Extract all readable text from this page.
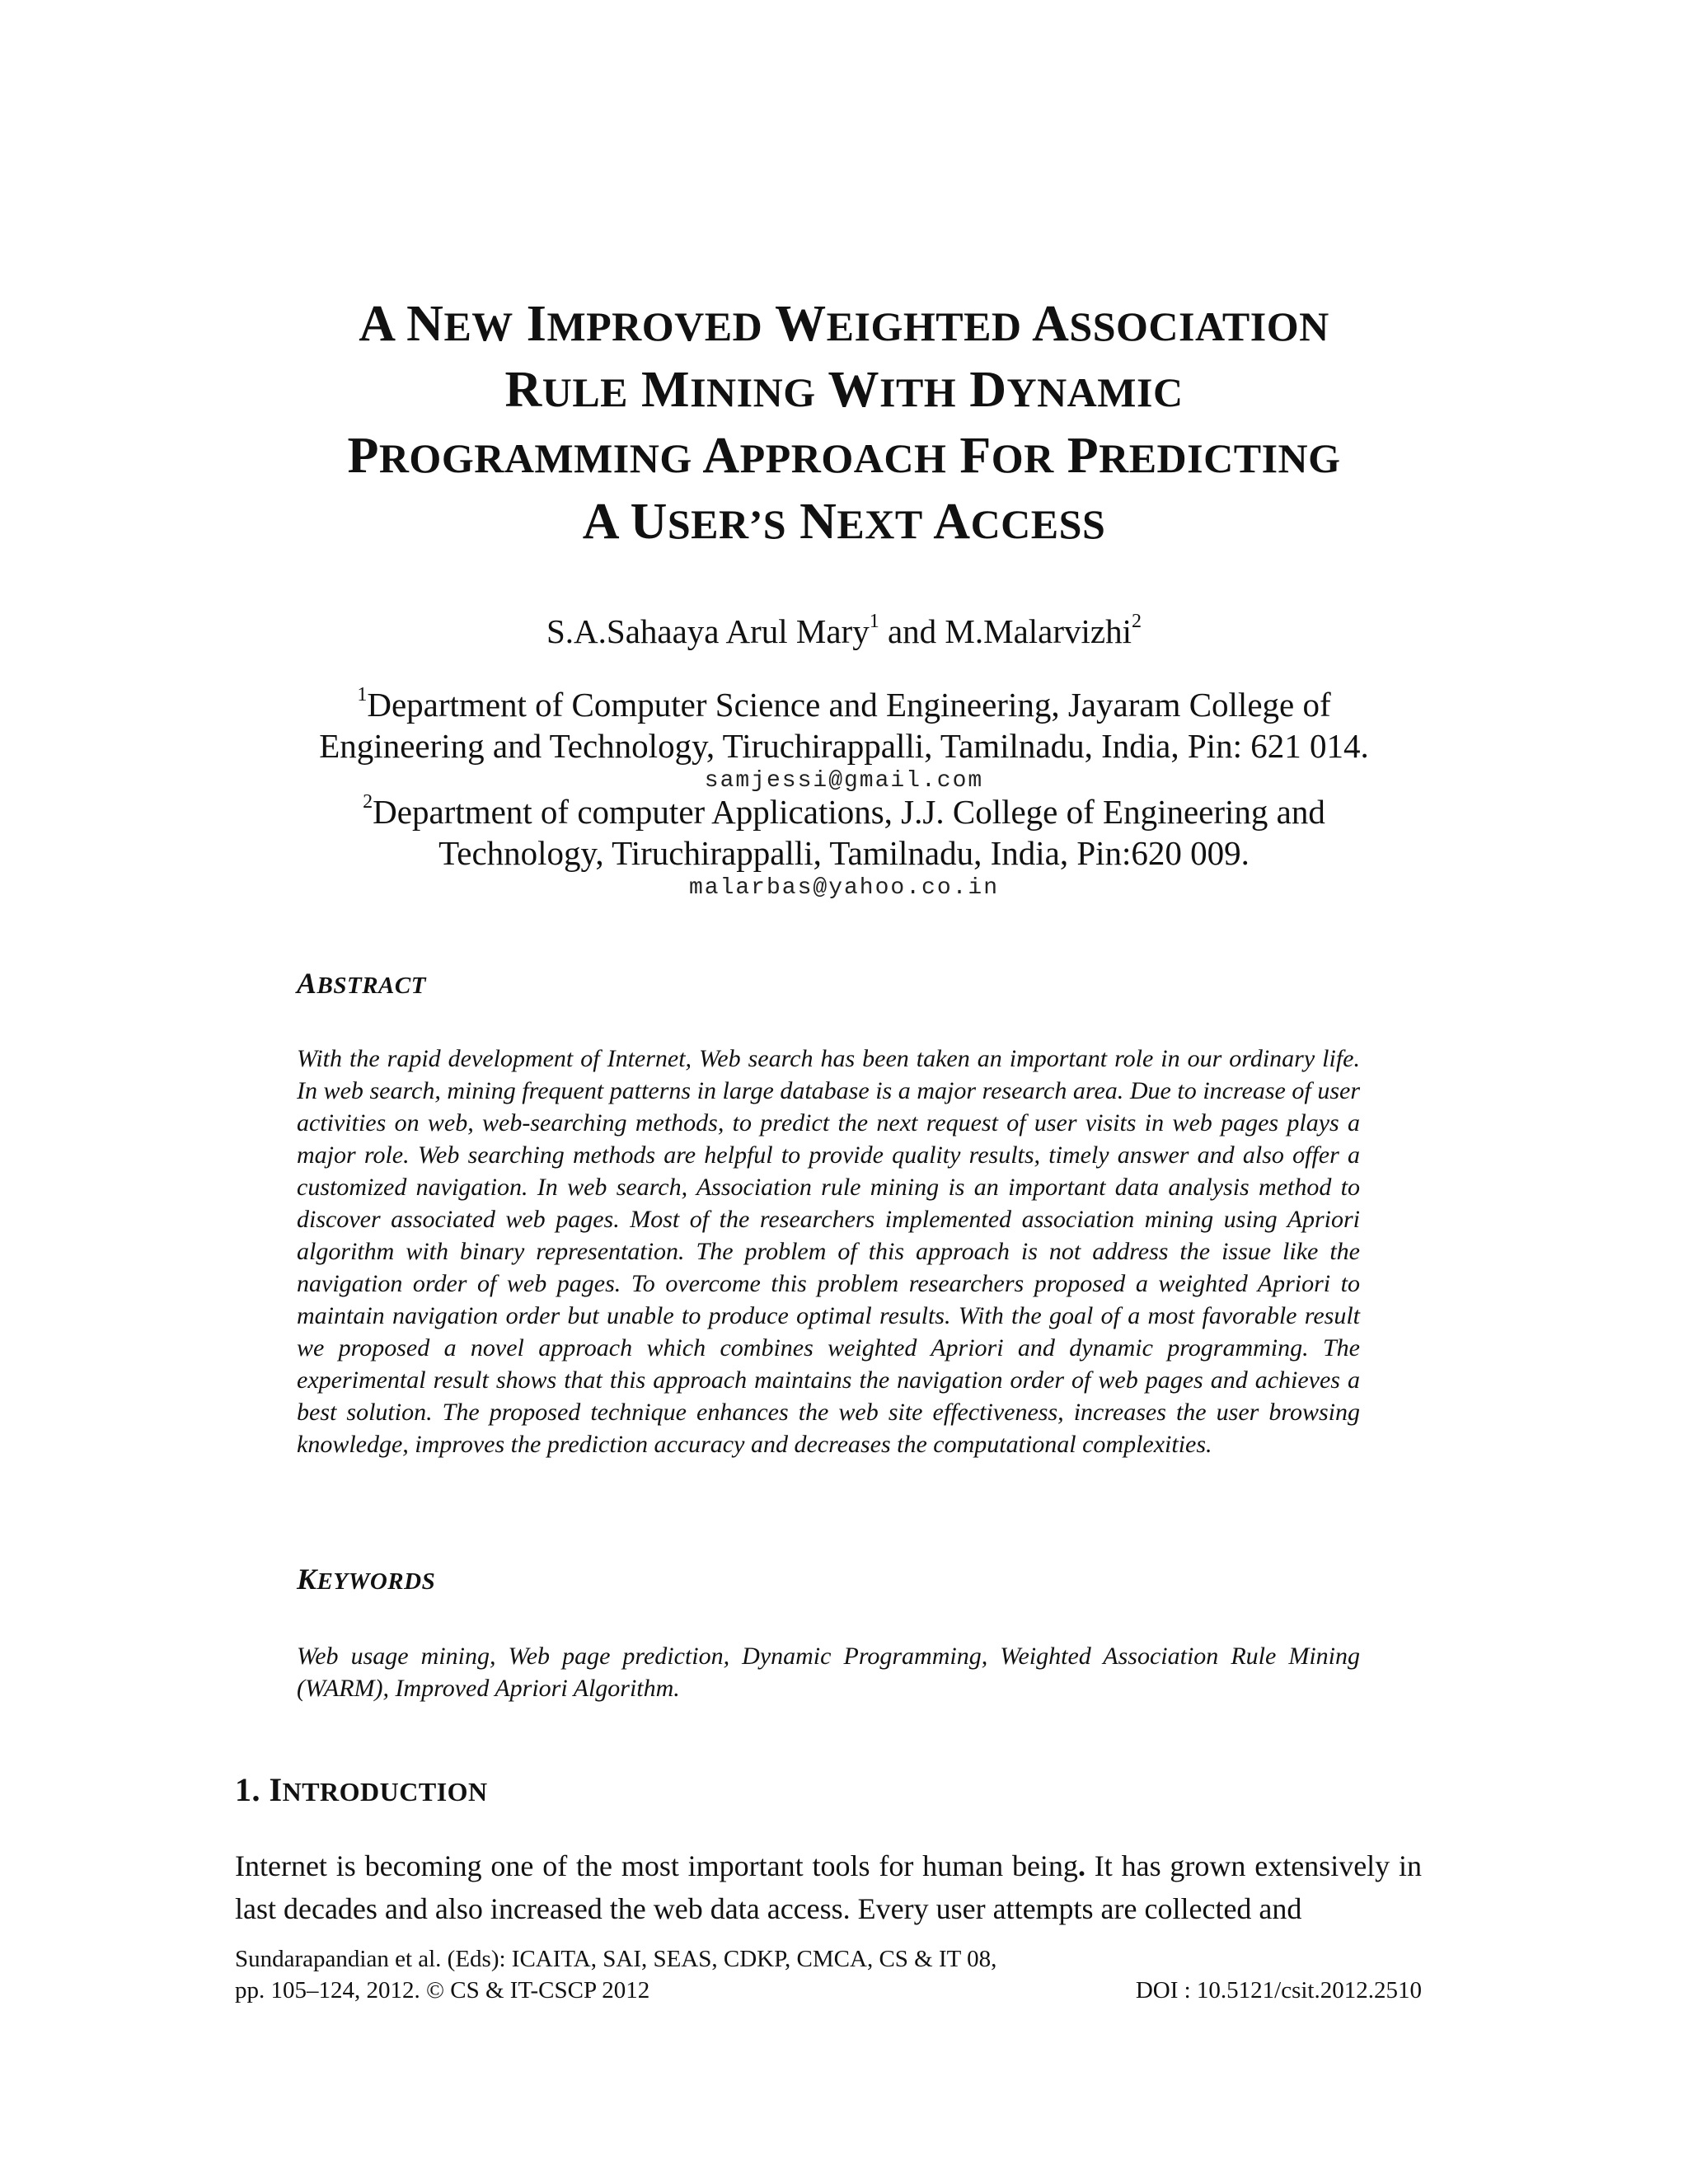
A NEW IMPROVED WEIGHTED ASSOCIATION
RULE MINING WITH DYNAMIC
PROGRAMMING APPROACH FOR PREDICTING
A USER’S NEXT ACCESS
S.A.Sahaaya Arul Mary$^1$ and M.Malarvizhi$^2$
$^1$Department of Computer Science and Engineering, Jayaram College of
Engineering and Technology, Tiruchirappalli, Tamilnadu, India, Pin: 621 014.
samjessi@gmail.com
$^2$Department of computer Applications, J.J. College of Engineering and
Technology, Tiruchirappalli, Tamilnadu, India, Pin:620 009.
malarbas@yahoo.co.in
ABSTRACT
With the rapid development of Internet, Web search has been taken an important role in our ordinary life. In web search, mining frequent patterns in large database is a major research area. Due to increase of user activities on web, web-searching methods, to predict the next request of user visits in web pages plays a major role. Web searching methods are helpful to provide quality results, timely answer and also offer a customized navigation. In web search, Association rule mining is an important data analysis method to discover associated web pages. Most of the researchers implemented association mining using Apriori algorithm with binary representation. The problem of this approach is not address the issue like the navigation order of web pages. To overcome this problem researchers proposed a weighted Apriori to maintain navigation order but unable to produce optimal results. With the goal of a most favorable result we proposed a novel approach which combines weighted Apriori and dynamic programming. The experimental result shows that this approach maintains the navigation order of web pages and achieves a best solution. The proposed technique enhances the web site effectiveness, increases the user browsing knowledge, improves the prediction accuracy and decreases the computational complexities.
KEYWORDS
Web usage mining, Web page prediction, Dynamic Programming, Weighted Association Rule Mining (WARM), Improved Apriori Algorithm.
1. INTRODUCTION
Internet is becoming one of the most important tools for human being. It has grown extensively in last decades and also increased the web data access. Every user attempts are collected and
Sundarapandian et al. (Eds): ICAITA, SAI, SEAS, CDKP, CMCA, CS & IT 08,
pp. 105–124, 2012. © CS & IT-CSCP 2012	DOI : 10.5121/csit.2012.2510
